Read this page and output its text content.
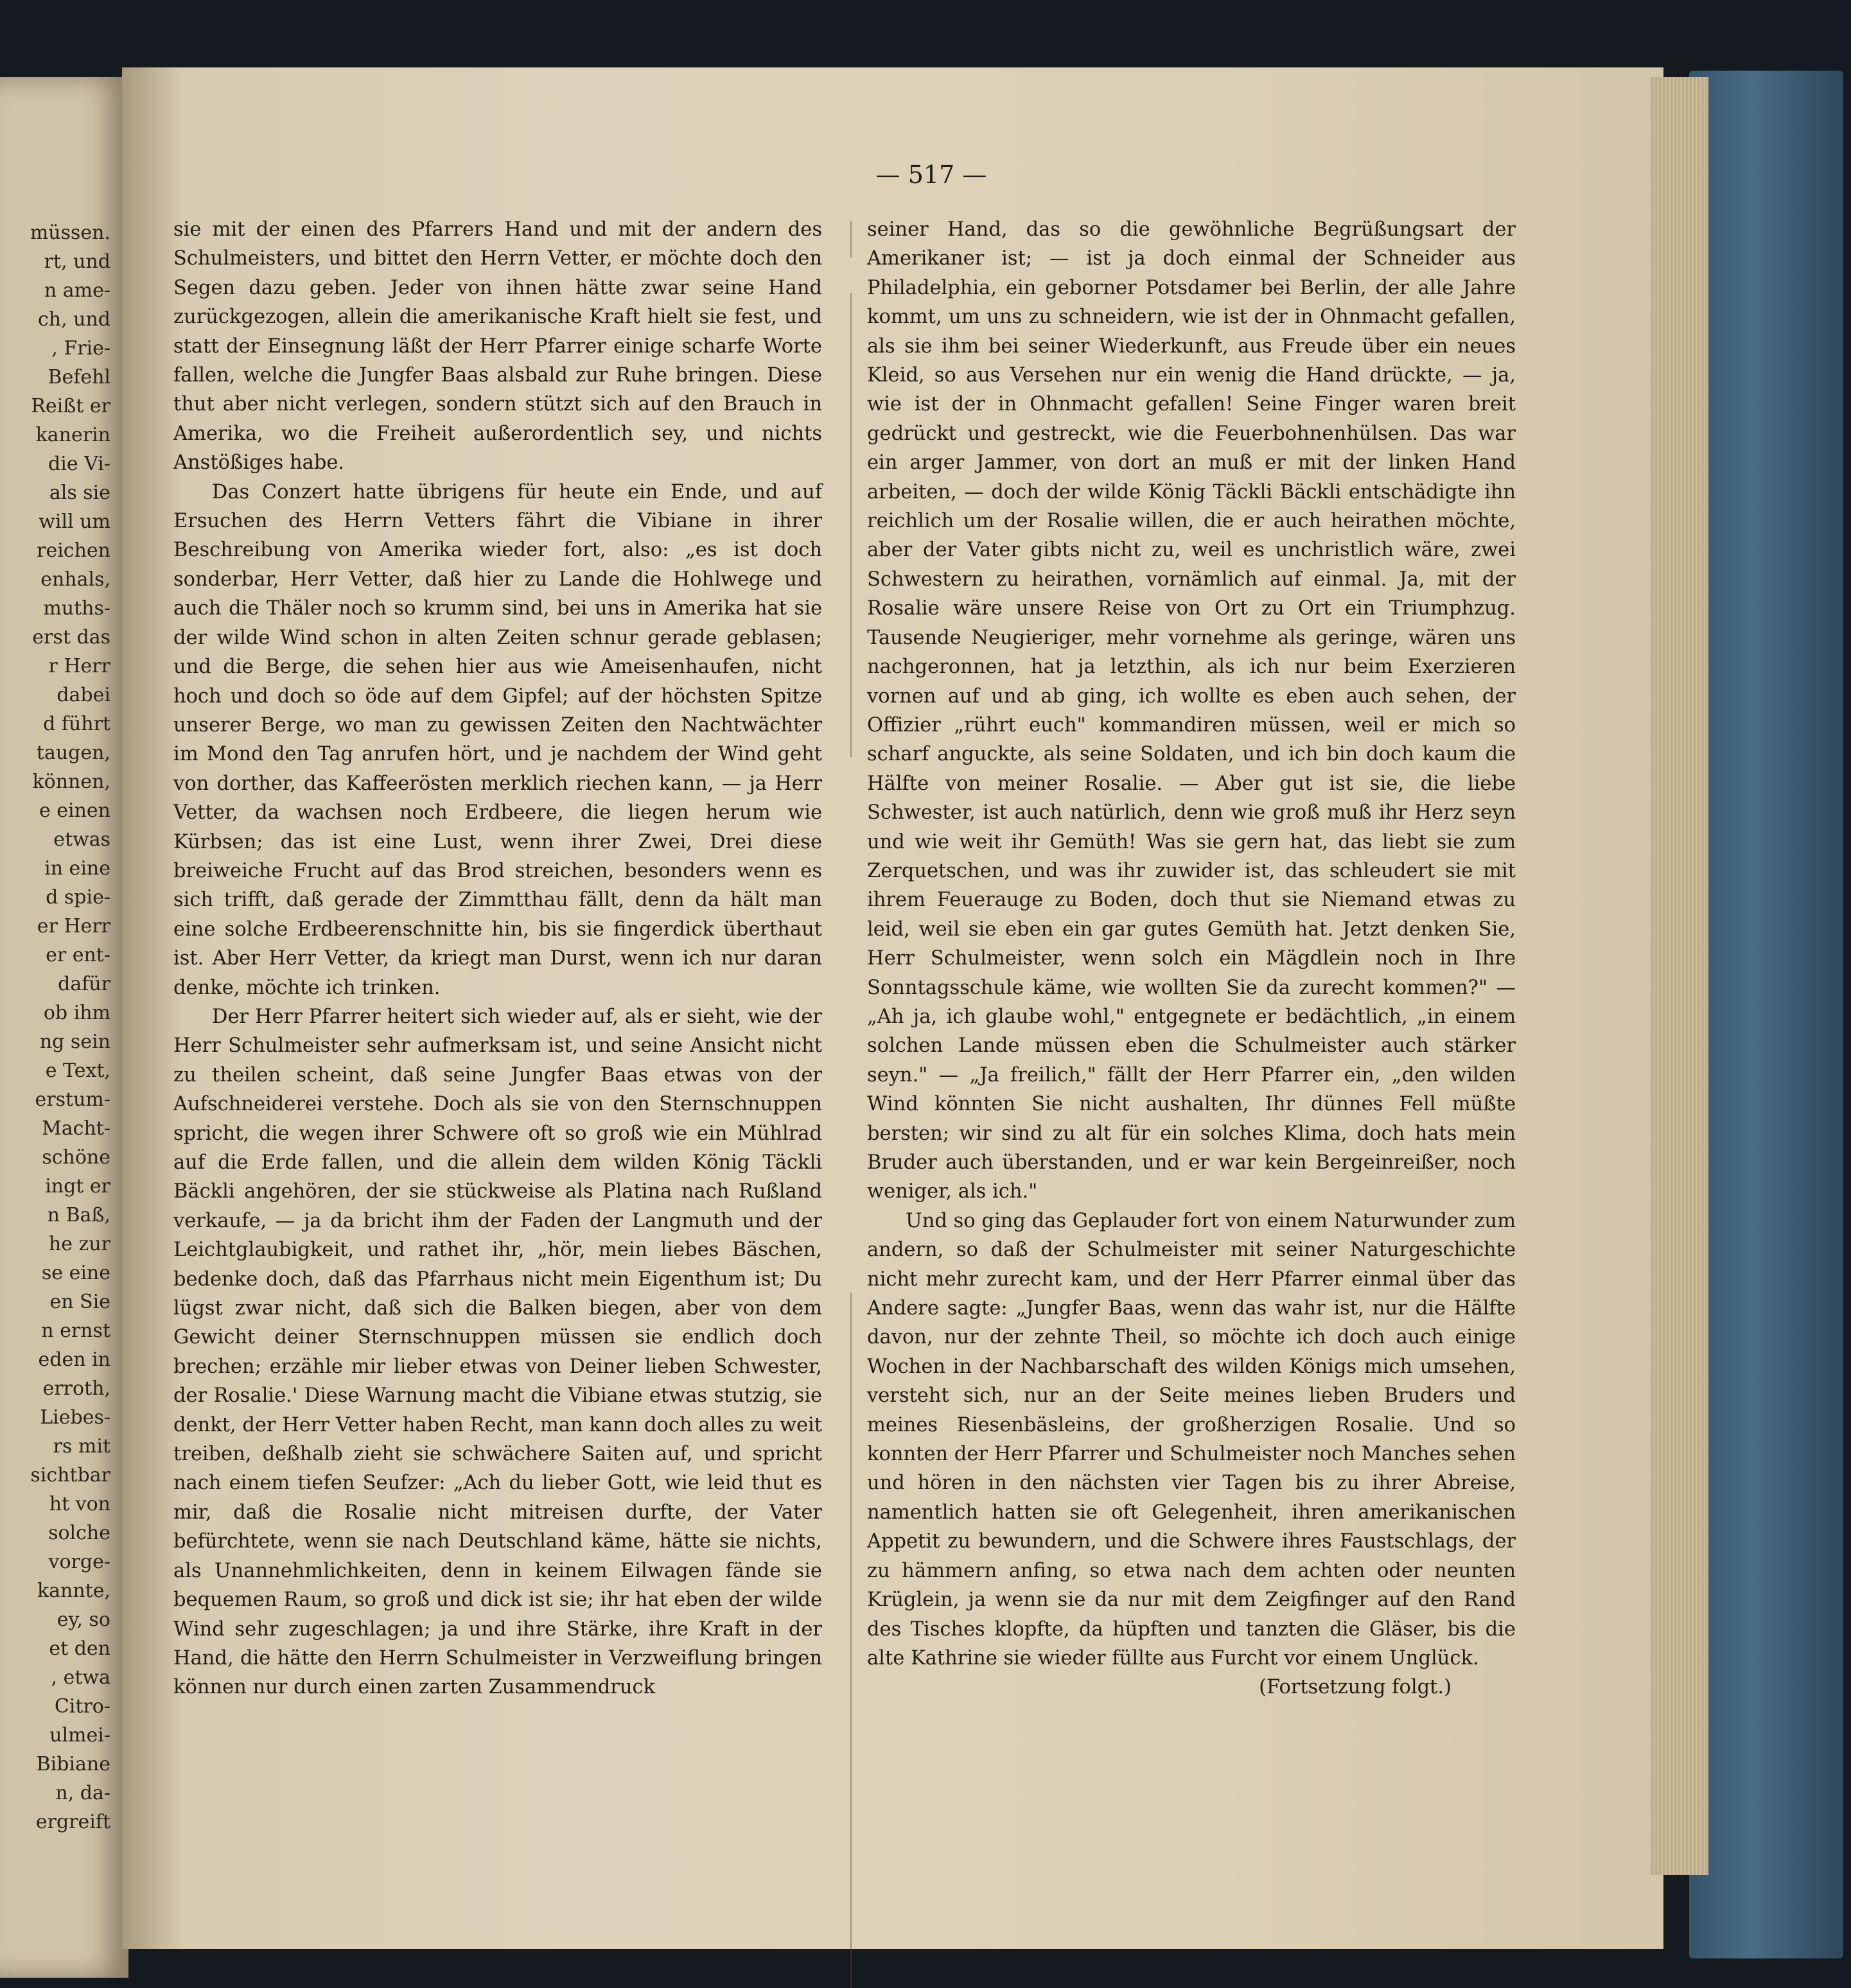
müssen.
rt, und
n ame-
ch, und
, Frie-
Befehl
Reißt er
kanerin
die Vi-
als sie
will um
reichen
enhals,
muths-
erst das
r Herr
dabei
d führt
taugen,
können,
e einen
etwas
in eine
d spie-
er Herr
er ent-
dafür
ob ihm
ng sein
e Text,
erstum-
Macht-
schöne
ingt er
n Baß,
he zur
se eine
en Sie
n ernst
eden in
erroth,
Liebes-
rs mit
sichtbar
ht von
solche
vorge-
kannte,
ey, so
et den
, etwa
Citro-
ulmei-
Bibiane
n, da-
ergreift
— 517 —

sie mit der einen des Pfarrers Hand und mit der andern des Schulmeisters, und bittet den Herrn Vetter, er möchte doch den Segen dazu geben. Jeder von ihnen hätte zwar seine Hand zurückgezogen, allein die amerikanische Kraft hielt sie fest, und statt der Einsegnung läßt der Herr Pfarrer einige scharfe Worte fallen, welche die Jungfer Baas alsbald zur Ruhe bringen. Diese thut aber nicht verlegen, sondern stützt sich auf den Brauch in Amerika, wo die Freiheit außerordentlich sey, und nichts Anstößiges habe.

Das Conzert hatte übrigens für heute ein Ende, und auf Ersuchen des Herrn Vetters fährt die Vibiane in ihrer Beschreibung von Amerika wieder fort, also: „es ist doch sonderbar, Herr Vetter, daß hier zu Lande die Hohlwege und auch die Thäler noch so krumm sind, bei uns in Amerika hat sie der wilde Wind schon in alten Zeiten schnur gerade geblasen; und die Berge, die sehen hier aus wie Ameisenhaufen, nicht hoch und doch so öde auf dem Gipfel; auf der höchsten Spitze unserer Berge, wo man zu gewissen Zeiten den Nachtwächter im Mond den Tag anrufen hört, und je nachdem der Wind geht von dorther, das Kaffeerösten merklich riechen kann, — ja Herr Vetter, da wachsen noch Erdbeere, die liegen herum wie Kürbsen; das ist eine Lust, wenn ihrer Zwei, Drei diese breiweiche Frucht auf das Brod streichen, besonders wenn es sich trifft, daß gerade der Zimmtthau fällt, denn da hält man eine solche Erdbeerenschnitte hin, bis sie fingerdick überthaut ist. Aber Herr Vetter, da kriegt man Durst, wenn ich nur daran denke, möchte ich trinken.

Der Herr Pfarrer heitert sich wieder auf, als er sieht, wie der Herr Schulmeister sehr aufmerksam ist, und seine Ansicht nicht zu theilen scheint, daß seine Jungfer Baas etwas von der Aufschneiderei verstehe. Doch als sie von den Sternschnuppen spricht, die wegen ihrer Schwere oft so groß wie ein Mühlrad auf die Erde fallen, und die allein dem wilden König Täckli Bäckli angehören, der sie stückweise als Platina nach Rußland verkaufe, — ja da bricht ihm der Faden der Langmuth und der Leichtglaubigkeit, und rathet ihr, „hör, mein liebes Bäschen, bedenke doch, daß das Pfarrhaus nicht mein Eigenthum ist; Du lügst zwar nicht, daß sich die Balken biegen, aber von dem Gewicht deiner Sternschnuppen müssen sie endlich doch brechen; erzähle mir lieber etwas von Deiner lieben Schwester, der Rosalie.' Diese Warnung macht die Vibiane etwas stutzig, sie denkt, der Herr Vetter haben Recht, man kann doch alles zu weit treiben, deßhalb zieht sie schwächere Saiten auf, und spricht nach einem tiefen Seufzer: „Ach du lieber Gott, wie leid thut es mir, daß die Rosalie nicht mitreisen durfte, der Vater befürchtete, wenn sie nach Deutschland käme, hätte sie nichts, als Unannehmlichkeiten, denn in keinem Eilwagen fände sie bequemen Raum, so groß und dick ist sie; ihr hat eben der wilde Wind sehr zugeschlagen; ja und ihre Stärke, ihre Kraft in der Hand, die hätte den Herrn Schulmeister in Verzweiflung bringen können nur durch einen zarten Zusammendruck

seiner Hand, das so die gewöhnliche Begrüßungsart der Amerikaner ist; — ist ja doch einmal der Schneider aus Philadelphia, ein geborner Potsdamer bei Berlin, der alle Jahre kommt, um uns zu schneidern, wie ist der in Ohnmacht gefallen, als sie ihm bei seiner Wiederkunft, aus Freude über ein neues Kleid, so aus Versehen nur ein wenig die Hand drückte, — ja, wie ist der in Ohnmacht gefallen! Seine Finger waren breit gedrückt und gestreckt, wie die Feuerbohnenhülsen. Das war ein arger Jammer, von dort an muß er mit der linken Hand arbeiten, — doch der wilde König Täckli Bäckli entschädigte ihn reichlich um der Rosalie willen, die er auch heirathen möchte, aber der Vater gibts nicht zu, weil es unchristlich wäre, zwei Schwestern zu heirathen, vornämlich auf einmal. Ja, mit der Rosalie wäre unsere Reise von Ort zu Ort ein Triumphzug. Tausende Neugieriger, mehr vornehme als geringe, wären uns nachgeronnen, hat ja letzthin, als ich nur beim Exerzieren vornen auf und ab ging, ich wollte es eben auch sehen, der Offizier „rührt euch" kommandiren müssen, weil er mich so scharf anguckte, als seine Soldaten, und ich bin doch kaum die Hälfte von meiner Rosalie. — Aber gut ist sie, die liebe Schwester, ist auch natürlich, denn wie groß muß ihr Herz seyn und wie weit ihr Gemüth! Was sie gern hat, das liebt sie zum Zerquetschen, und was ihr zuwider ist, das schleudert sie mit ihrem Feuerauge zu Boden, doch thut sie Niemand etwas zu leid, weil sie eben ein gar gutes Gemüth hat. Jetzt denken Sie, Herr Schulmeister, wenn solch ein Mägdlein noch in Ihre Sonntagsschule käme, wie wollten Sie da zurecht kommen?" — „Ah ja, ich glaube wohl," entgegnete er bedächtlich, „in einem solchen Lande müssen eben die Schulmeister auch stärker seyn." — „Ja freilich," fällt der Herr Pfarrer ein, „den wilden Wind könnten Sie nicht aushalten, Ihr dünnes Fell müßte bersten; wir sind zu alt für ein solches Klima, doch hats mein Bruder auch überstanden, und er war kein Bergeinreißer, noch weniger, als ich."

Und so ging das Geplauder fort von einem Naturwunder zum andern, so daß der Schulmeister mit seiner Naturgeschichte nicht mehr zurecht kam, und der Herr Pfarrer einmal über das Andere sagte: „Jungfer Baas, wenn das wahr ist, nur die Hälfte davon, nur der zehnte Theil, so möchte ich doch auch einige Wochen in der Nachbarschaft des wilden Königs mich umsehen, versteht sich, nur an der Seite meines lieben Bruders und meines Riesenbäsleins, der großherzigen Rosalie. Und so konnten der Herr Pfarrer und Schulmeister noch Manches sehen und hören in den nächsten vier Tagen bis zu ihrer Abreise, namentlich hatten sie oft Gelegenheit, ihren amerikanischen Appetit zu bewundern, und die Schwere ihres Faustschlags, der zu hämmern anfing, so etwa nach dem achten oder neunten Krüglein, ja wenn sie da nur mit dem Zeigfinger auf den Rand des Tisches klopfte, da hüpften und tanzten die Gläser, bis die alte Kathrine sie wieder füllte aus Furcht vor einem Unglück.

(Fortsetzung folgt.)
